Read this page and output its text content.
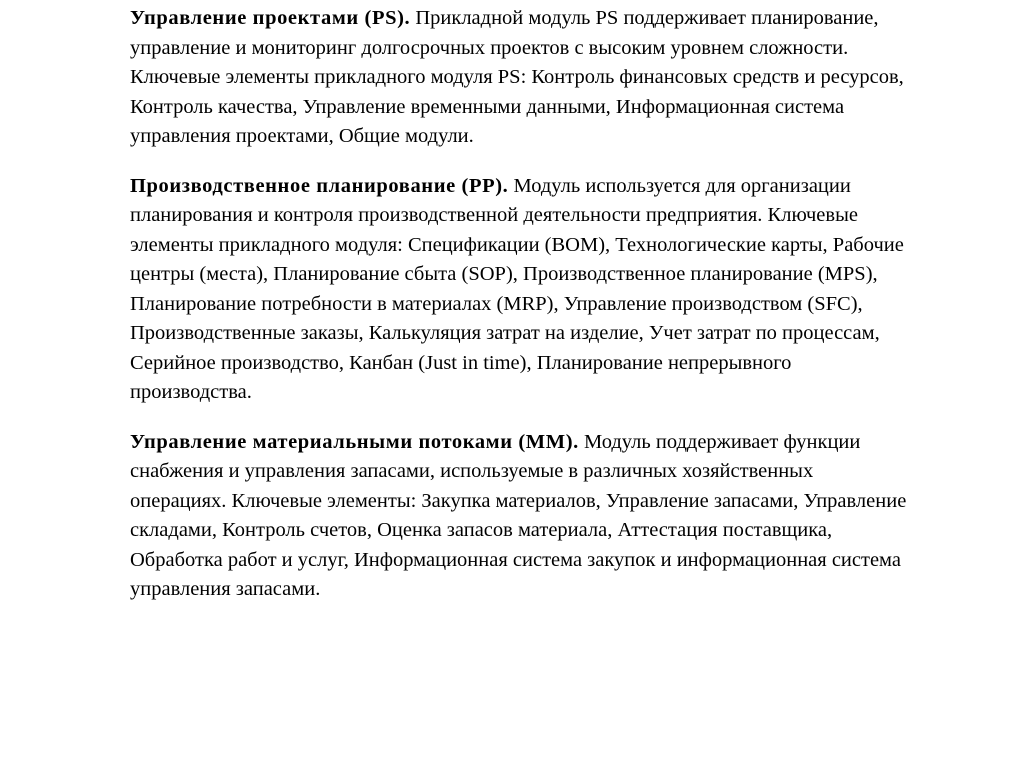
Управление проектами (PS). Прикладной модуль PS поддерживает планирование, управление и мониторинг долгосрочных проектов с высоким уровнем сложности. Ключевые элементы прикладного модуля PS: Контроль финансовых средств и ресурсов, Контроль качества, Управление временными данными, Информационная система управления проектами, Общие модули.

Производственное планирование (PP). Модуль используется для организации планирования и контроля производственной деятельности предприятия. Ключевые элементы прикладного модуля: Спецификации (BOM), Технологические карты, Рабочие центры (места), Планирование сбыта (SOP), Производственное планирование (MPS), Планирование потребности в материалах (MRP), Управление производством (SFC), Производственные заказы, Калькуляция затрат на изделие, Учет затрат по процессам, Серийное производство, Канбан (Just in time), Планирование непрерывного производства.

Управление материальными потоками (MM). Модуль поддерживает функции снабжения и управления запасами, используемые в различных хозяйственных операциях. Ключевые элементы: Закупка материалов, Управление запасами, Управление складами, Контроль счетов, Оценка запасов материала, Аттестация поставщика, Обработка работ и услуг, Информационная система закупок и информационная система управления запасами.
